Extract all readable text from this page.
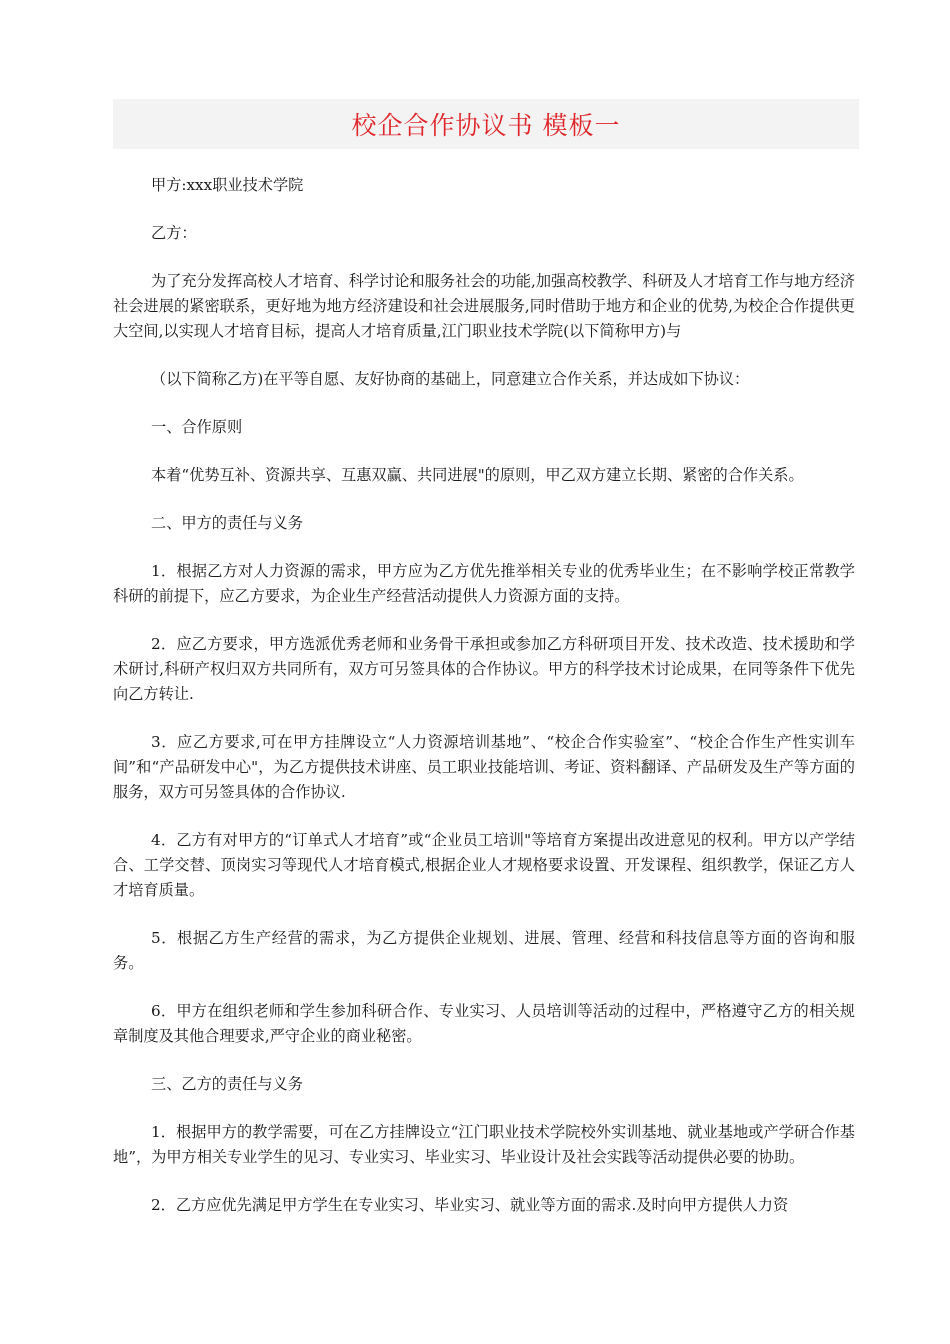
校企合作协议书 模板一

甲方:xxx职业技术学院

乙方：

为了充分发挥高校人才培育、科学讨论和服务社会的功能,加强高校教学、科研及人才培育工作与地方经济社会进展的紧密联系，更好地为地方经济建设和社会进展服务,同时借助于地方和企业的优势,为校企合作提供更大空间,以实现人才培育目标，提高人才培育质量,江门职业技术学院(以下简称甲方)与

（以下简称乙方)在平等自愿、友好协商的基础上，同意建立合作关系，并达成如下协议：

一、合作原则

本着“优势互补、资源共享、互惠双赢、共同进展"的原则，甲乙双方建立长期、紧密的合作关系。

二、甲方的责任与义务

1．根据乙方对人力资源的需求，甲方应为乙方优先推举相关专业的优秀毕业生；在不影响学校正常教学科研的前提下，应乙方要求，为企业生产经营活动提供人力资源方面的支持。

2．应乙方要求，甲方选派优秀老师和业务骨干承担或参加乙方科研项目开发、技术改造、技术援助和学术研讨,科研产权归双方共同所有，双方可另签具体的合作协议。甲方的科学技术讨论成果，在同等条件下优先向乙方转让.

3．应乙方要求,可在甲方挂牌设立“人力资源培训基地”、“校企合作实验室”、“校企合作生产性实训车间”和“产品研发中心"，为乙方提供技术讲座、员工职业技能培训、考证、资料翻译、产品研发及生产等方面的服务，双方可另签具体的合作协议.

4．乙方有对甲方的“订单式人才培育”或“企业员工培训"等培育方案提出改进意见的权利。甲方以产学结合、工学交替、顶岗实习等现代人才培育模式,根据企业人才规格要求设置、开发课程、组织教学，保证乙方人才培育质量。

5．根据乙方生产经营的需求，为乙方提供企业规划、进展、管理、经营和科技信息等方面的咨询和服务。

6．甲方在组织老师和学生参加科研合作、专业实习、人员培训等活动的过程中，严格遵守乙方的相关规章制度及其他合理要求,严守企业的商业秘密。

三、乙方的责任与义务

1．根据甲方的教学需要，可在乙方挂牌设立“江门职业技术学院校外实训基地、就业基地或产学研合作基地”，为甲方相关专业学生的见习、专业实习、毕业实习、毕业设计及社会实践等活动提供必要的协助。

2．乙方应优先满足甲方学生在专业实习、毕业实习、就业等方面的需求.及时向甲方提供人力资
